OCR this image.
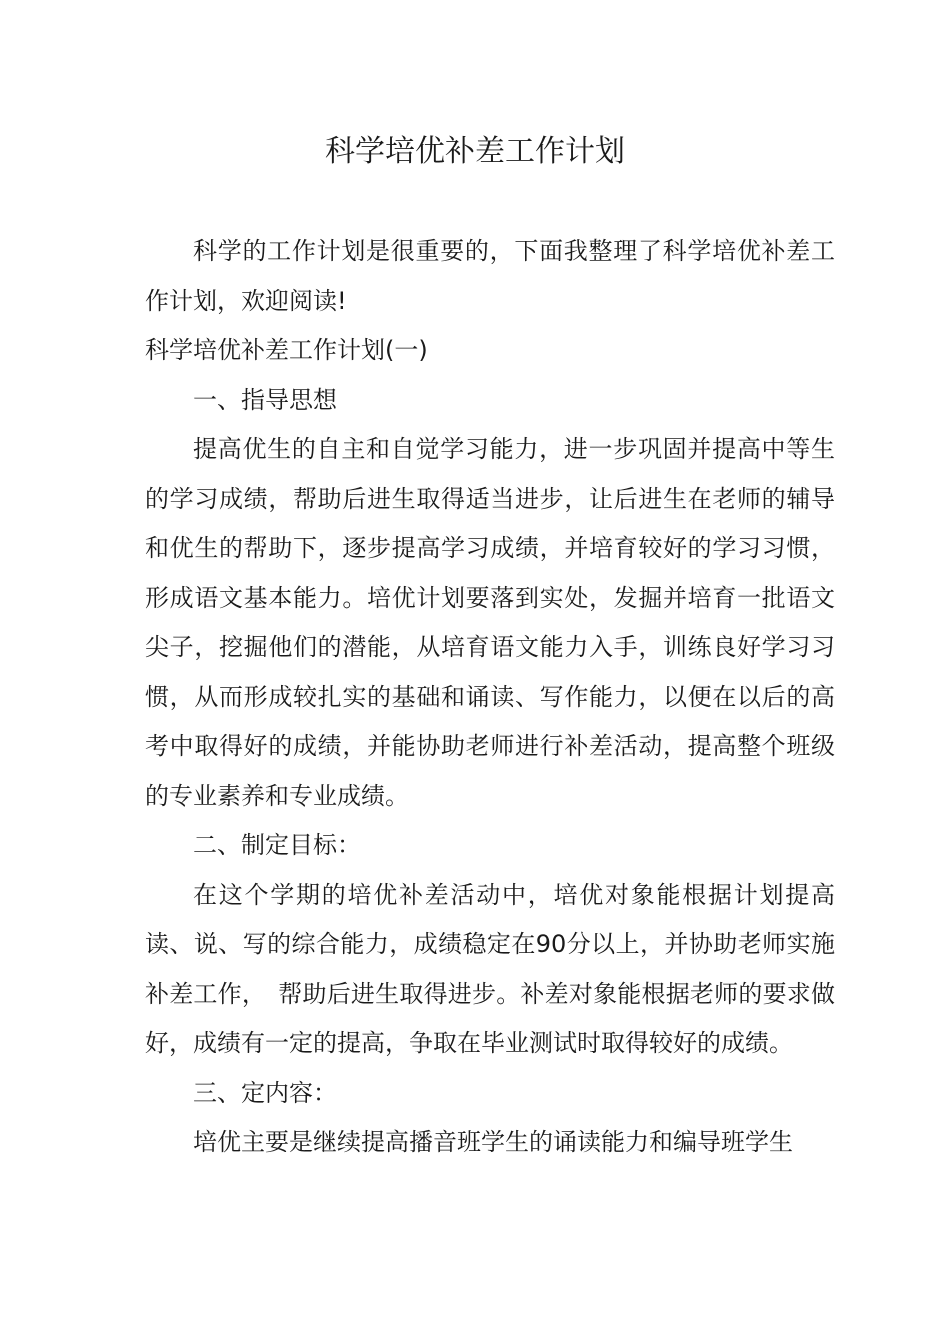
科学培优补差工作计划

科学的工作计划是很重要的，下面我整理了科学培优补差工作计划，欢迎阅读!

科学培优补差工作计划(一)

一、指导思想

提高优生的自主和自觉学习能力，进一步巩固并提高中等生的学习成绩，帮助后进生取得适当进步，让后进生在老师的辅导和优生的帮助下，逐步提高学习成绩，并培育较好的学习习惯，形成语文基本能力。培优计划要落到实处，发掘并培育一批语文尖子，挖掘他们的潜能，从培育语文能力入手，训练良好学习习惯，从而形成较扎实的基础和诵读、写作能力，以便在以后的高考中取得好的成绩，并能协助老师进行补差活动，提高整个班级的专业素养和专业成绩。

二、制定目标：

在这个学期的培优补差活动中，培优对象能根据计划提高读、说、写的综合能力，成绩稳定在90分以上，并协助老师实施补差工作，　帮助后进生取得进步。补差对象能根据老师的要求做好，成绩有一定的提高，争取在毕业测试时取得较好的成绩。

三、定内容：

培优主要是继续提高播音班学生的诵读能力和编导班学生
